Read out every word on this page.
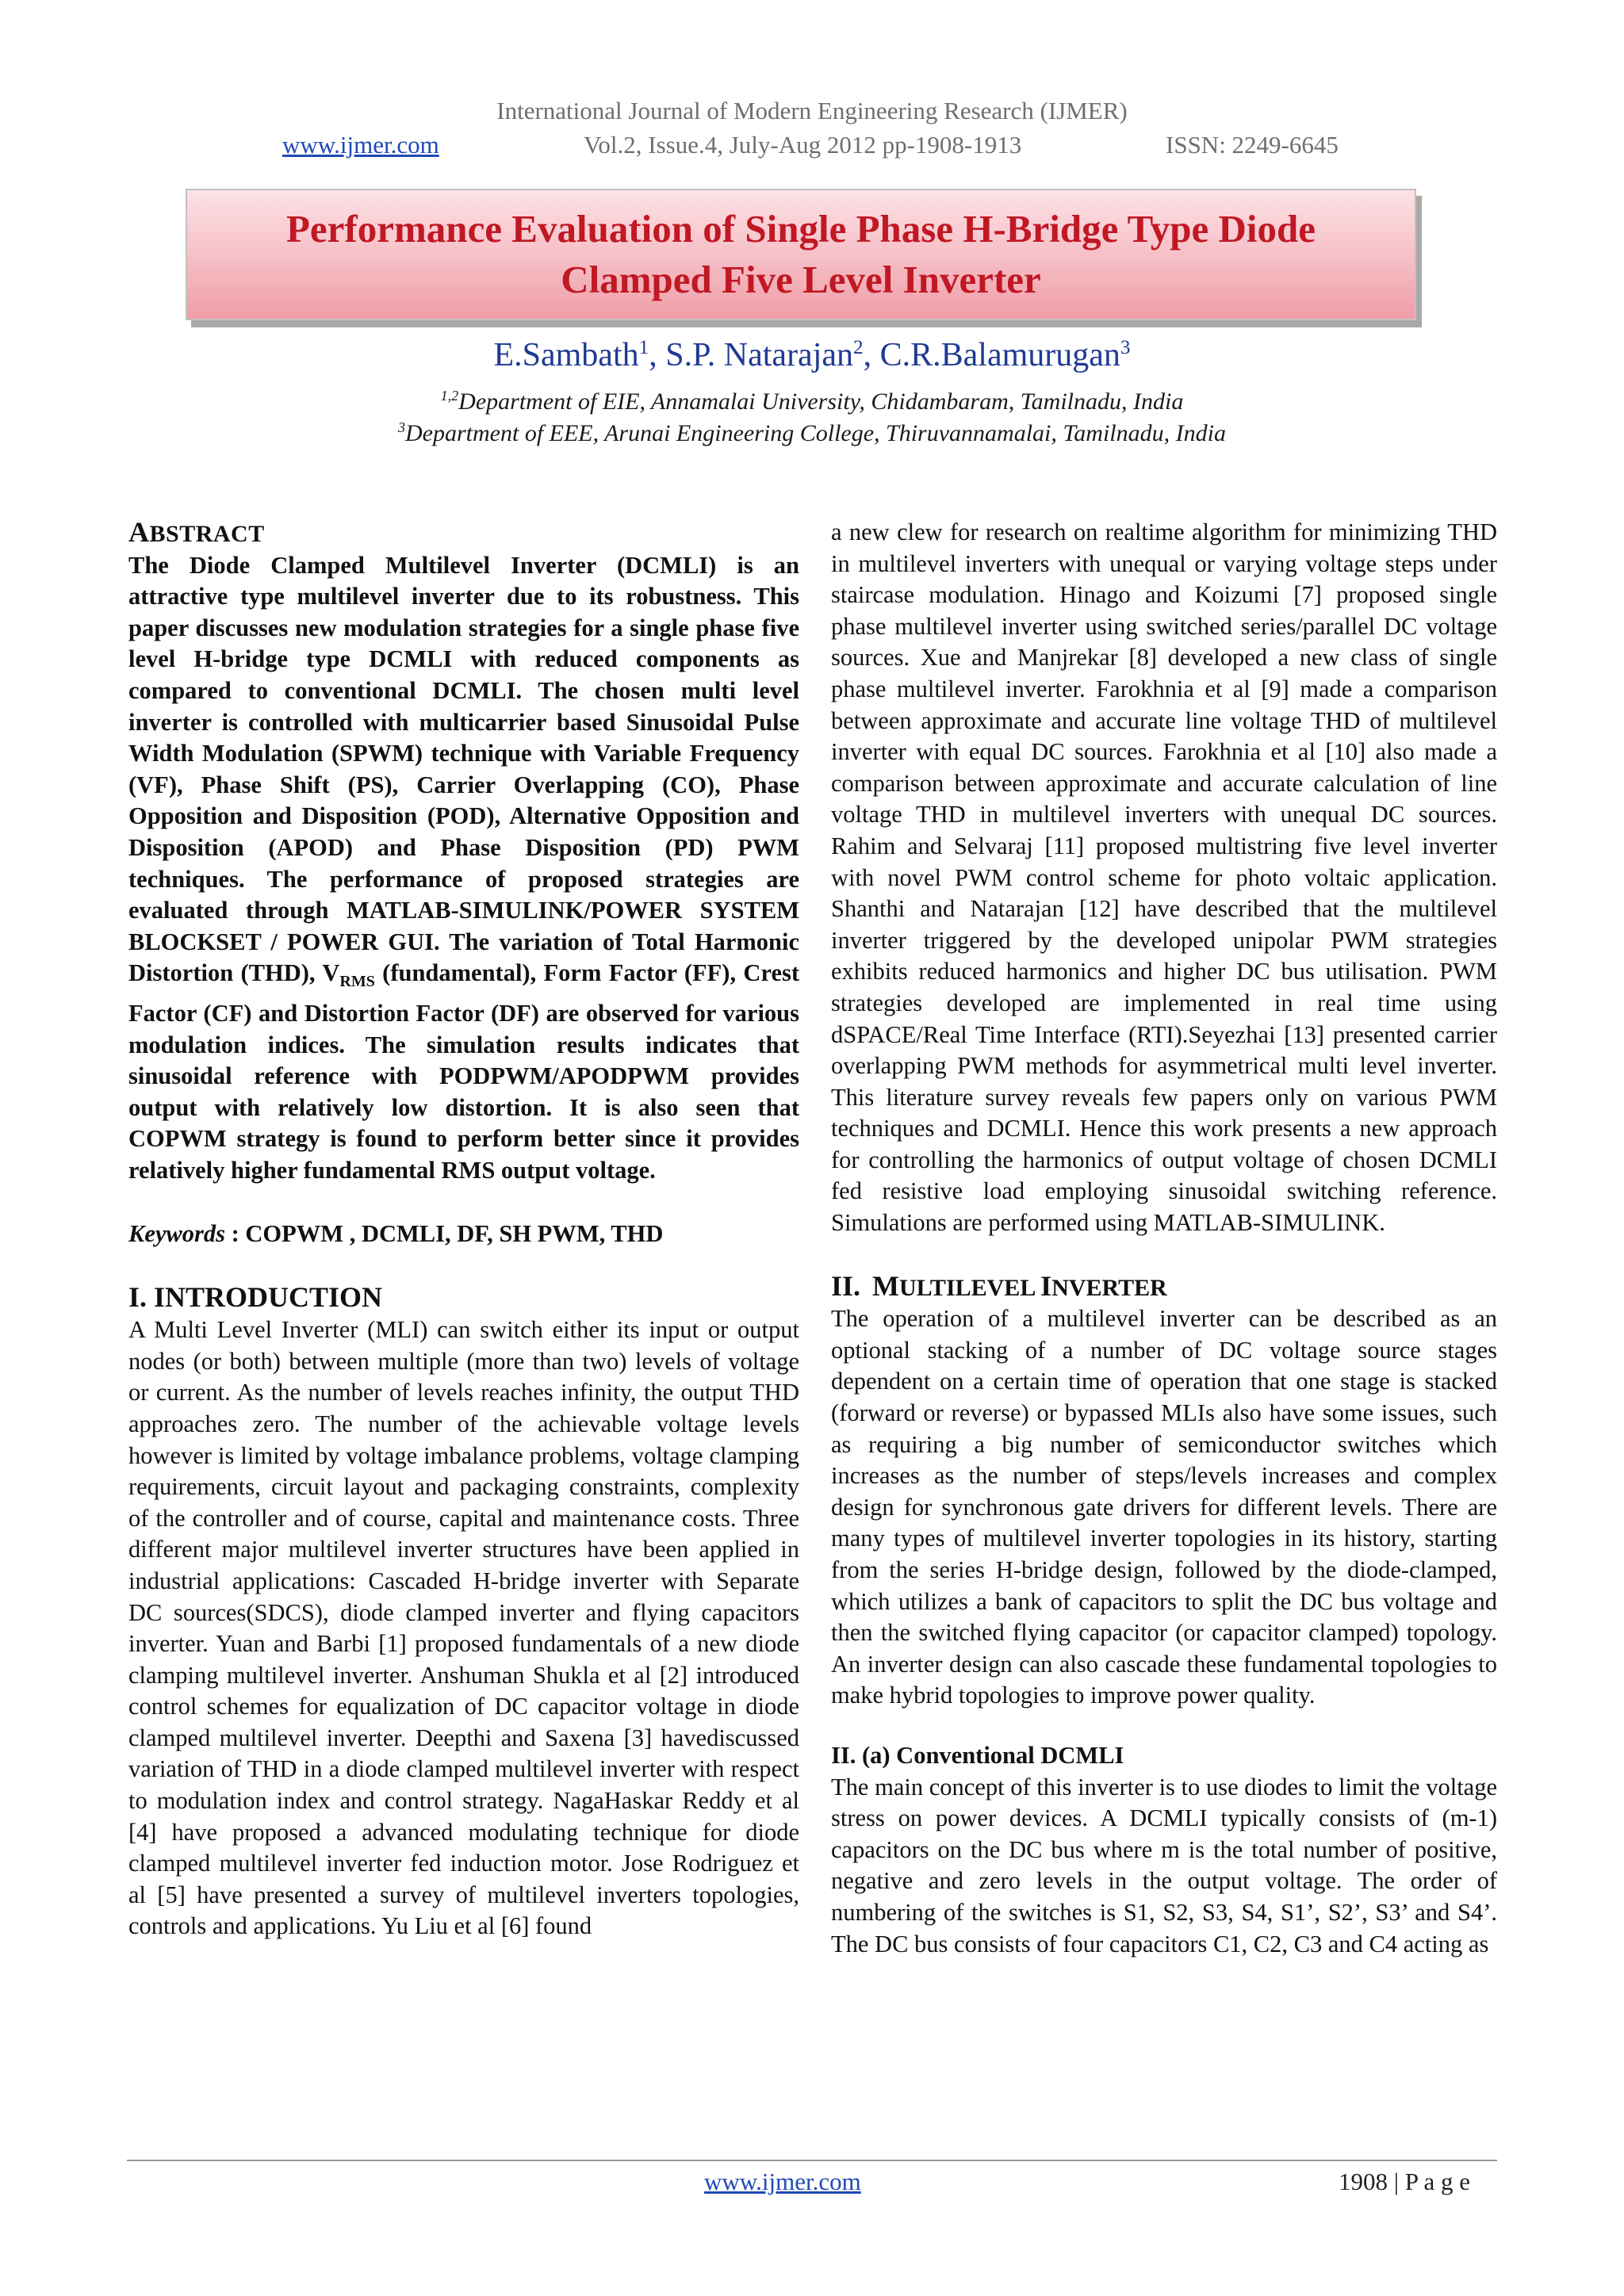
International Journal of Modern Engineering Research (IJMER)
www.ijmer.com	Vol.2, Issue.4, July-Aug 2012 pp-1908-1913	ISSN: 2249-6645
Performance Evaluation of Single Phase H-Bridge Type Diode
Clamped Five Level Inverter
E.Sambath$^1$, S.P. Natarajan$^2$, C.R.Balamurugan$^3$
$^{1,2}$Department of EIE, Annamalai University, Chidambaram, Tamilnadu, India
$^3$Department of EEE, Arunai Engineering College, Thiruvannamalai, Tamilnadu, India

ABSTRACT

The Diode Clamped Multilevel Inverter (DCMLI) is an attractive type multilevel inverter due to its robustness. This paper discusses new modulation strategies for a single phase five level H-bridge type DCMLI with reduced components as compared to conventional DCMLI. The chosen multi level inverter is controlled with multicarrier based Sinusoidal Pulse Width Modulation (SPWM) technique with Variable Frequency (VF), Phase Shift (PS), Carrier Overlapping (CO), Phase Opposition and Disposition (POD), Alternative Opposition and Disposition (APOD) and Phase Disposition (PD) PWM techniques. The performance of proposed strategies are evaluated through MATLAB-SIMULINK/POWER SYSTEM BLOCKSET / POWER GUI. The variation of Total Harmonic Distortion (THD), $V_{RMS}$ (fundamental), Form Factor (FF), Crest Factor (CF) and Distortion Factor (DF) are observed for various modulation indices. The simulation results indicates that sinusoidal reference with PODPWM/APODPWM provides output with relatively low distortion. It is also seen that COPWM strategy is found to perform better since it provides relatively higher fundamental RMS output voltage.

Keywords : COPWM , DCMLI, DF, SH PWM, THD

I. INTRODUCTION

A Multi Level Inverter (MLI) can switch either its input or output nodes (or both) between multiple (more than two) levels of voltage or current. As the number of levels reaches infinity, the output THD approaches zero. The number of the achievable voltage levels however is limited by voltage imbalance problems, voltage clamping requirements, circuit layout and packaging constraints, complexity of the controller and of course, capital and maintenance costs. Three different major multilevel inverter structures have been applied in industrial applications: Cascaded H-bridge inverter with Separate DC sources(SDCS), diode clamped inverter and flying capacitors inverter. Yuan and Barbi [1] proposed fundamentals of a new diode clamping multilevel inverter. Anshuman Shukla et al [2] introduced control schemes for equalization of DC capacitor voltage in diode clamped multilevel inverter. Deepthi and Saxena [3] havediscussed variation of THD in a diode clamped multilevel inverter with respect to modulation index and control strategy. NagaHaskar Reddy et al [4] have proposed a advanced modulating technique for diode clamped multilevel inverter fed induction motor. Jose Rodriguez et al [5] have presented a survey of multilevel inverters topologies, controls and applications. Yu Liu et al [6] found

a new clew for research on realtime algorithm for minimizing THD in multilevel inverters with unequal or varying voltage steps under staircase modulation. Hinago and Koizumi [7] proposed single phase multilevel inverter using switched series/parallel DC voltage sources. Xue and Manjrekar [8] developed a new class of single phase multilevel inverter. Farokhnia et al [9] made a comparison between approximate and accurate line voltage THD of multilevel inverter with equal DC sources. Farokhnia et al [10] also made a comparison between approximate and accurate calculation of line voltage THD in multilevel inverters with unequal DC sources. Rahim and Selvaraj [11] proposed multistring five level inverter with novel PWM control scheme for photo voltaic application. Shanthi and Natarajan [12] have described that the multilevel inverter triggered by the developed unipolar PWM strategies exhibits reduced harmonics and higher DC bus utilisation. PWM strategies developed are implemented in real time using dSPACE/Real Time Interface (RTI).Seyezhai [13] presented carrier overlapping PWM methods for asymmetrical multi level inverter. This literature survey reveals few papers only on various PWM techniques and DCMLI. Hence this work presents a new approach for controlling the harmonics of output voltage of chosen DCMLI fed resistive load employing sinusoidal switching reference. Simulations are performed using MATLAB-SIMULINK.

II. MULTILEVEL INVERTER

The operation of a multilevel inverter can be described as an optional stacking of a number of DC voltage source stages dependent on a certain time of operation that one stage is stacked (forward or reverse) or bypassed MLIs also have some issues, such as requiring a big number of semiconductor switches which increases as the number of steps/levels increases and complex design for synchronous gate drivers for different levels. There are many types of multilevel inverter topologies in its history, starting from the series H-bridge design, followed by the diode-clamped, which utilizes a bank of capacitors to split the DC bus voltage and then the switched flying capacitor (or capacitor clamped) topology. An inverter design can also cascade these fundamental topologies to make hybrid topologies to improve power quality.

II. (a) Conventional DCMLI

The main concept of this inverter is to use diodes to limit the voltage stress on power devices. A DCMLI typically consists of (m-1) capacitors on the DC bus where m is the total number of positive, negative and zero levels in the output voltage. The order of numbering of the switches is S1, S2, S3, S4, S1’, S2’, S3’ and S4’. The DC bus consists of four capacitors C1, C2, C3 and C4 acting as

www.ijmer.com	1908 | P a g e
